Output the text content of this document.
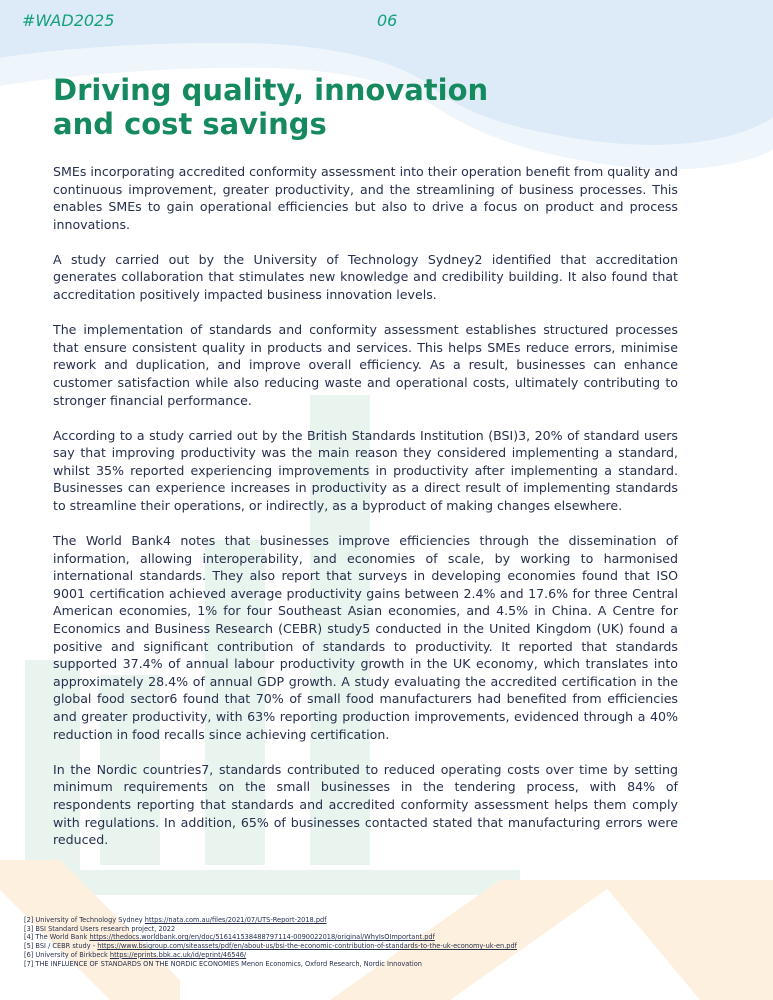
#WAD2025	06
Driving quality, innovation
and cost savings

SMEs incorporating accredited conformity assessment into their operation benefit from quality and continuous improvement, greater productivity, and the streamlining of business processes. This enables SMEs to gain operational efficiencies but also to drive a focus on product and process innovations.

A study carried out by the University of Technology Sydney2 identified that accreditation generates collaboration that stimulates new knowledge and credibility building. It also found that accreditation positively impacted business innovation levels.

The implementation of standards and conformity assessment establishes structured processes that ensure consistent quality in products and services. This helps SMEs reduce errors, minimise rework and duplication, and improve overall efficiency. As a result, businesses can enhance customer satisfaction while also reducing waste and operational costs, ultimately contributing to stronger financial performance.

According to a study carried out by the British Standards Institution (BSI)3, 20% of standard users say that improving productivity was the main reason they considered implementing a standard, whilst 35% reported experiencing improvements in productivity after implementing a standard. Businesses can experience increases in productivity as a direct result of implementing standards to streamline their operations, or indirectly, as a byproduct of making changes elsewhere.

The World Bank4 notes that businesses improve efficiencies through the dissemination of information, allowing interoperability, and economies of scale, by working to harmonised international standards. They also report that surveys in developing economies found that ISO 9001 certification achieved average productivity gains between 2.4% and 17.6% for three Central American economies, 1% for four Southeast Asian economies, and 4.5% in China. A Centre for Economics and Business Research (CEBR) study5 conducted in the United Kingdom (UK) found a positive and significant contribution of standards to productivity. It reported that standards supported 37.4% of annual labour productivity growth in the UK economy, which translates into approximately 28.4% of annual GDP growth. A study evaluating the accredited certification in the global food sector6 found that 70% of small food manufacturers had benefited from efficiencies and greater productivity, with 63% reporting production improvements, evidenced through a 40% reduction in food recalls since achieving certification.

In the Nordic countries7, standards contributed to reduced operating costs over time by setting minimum requirements on the small businesses in the tendering process, with 84% of respondents reporting that standards and accredited conformity assessment helps them comply with regulations. In addition, 65% of businesses contacted stated that manufacturing errors were reduced.

[2] University of Technology Sydney https://nata.com.au/files/2021/07/UTS-Report-2018.pdf
[3] BSI Standard Users research project, 2022
[4] The World Bank https://thedocs.worldbank.org/en/doc/516141538488797114-0090022018/original/WhyIsOImportant.pdf
[5] BSI / CEBR study - https://www.bsigroup.com/siteassets/pdf/en/about-us/bsi-the-economic-contribution-of-standards-to-the-uk-economy-uk-en.pdf
[6] University of Birkbeck https://eprints.bbk.ac.uk/id/eprint/46546/
[7] THE INFLUENCE OF STANDARDS ON THE NORDIC ECONOMIES Menon Economics, Oxford Research, Nordic Innovation
